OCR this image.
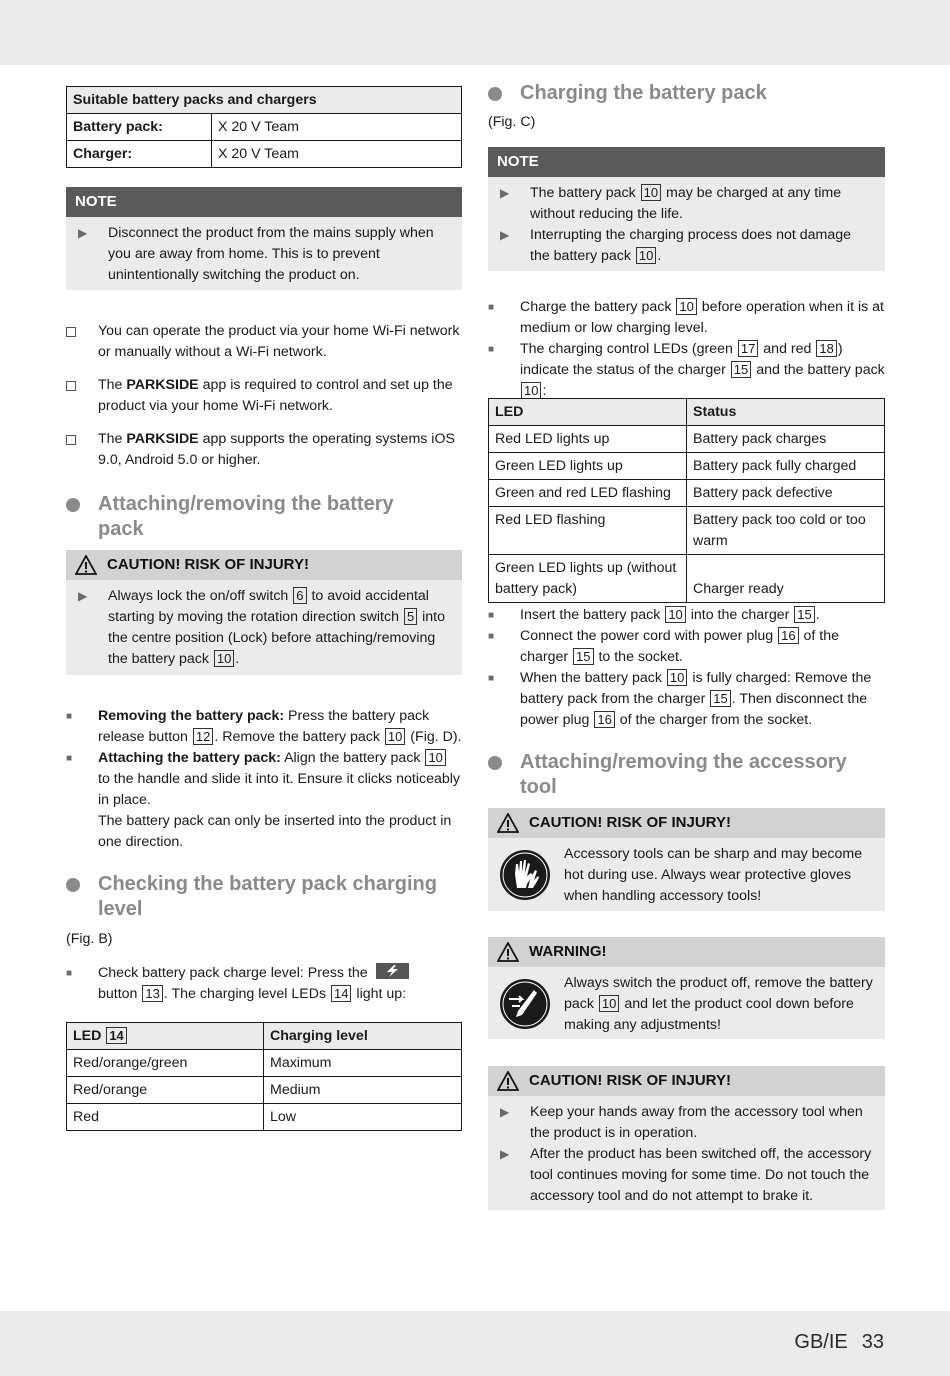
GB/IE 33
Suitable battery packs and chargers	
Battery pack:	X 20 V Team
Charger:	X 20 V Team
NOTE
▶	Disconnect the product from the mains supply when you are away from home. This is to prevent unintentionally switching the product on.
You can operate the product via your home Wi-Fi network or manually without a Wi-Fi network.
The PARKSIDE app is required to control and set up the product via your home Wi-Fi network.
The PARKSIDE app supports the operating systems iOS 9.0, Android 5.0 or higher.
Attaching/removing the battery pack
CAUTION! RISK OF INJURY!
▶	Always lock the on/off switch 6 to avoid accidental starting by moving the rotation direction switch 5 into the centre position (Lock) before attaching/removing the battery pack 10 .
■	Removing the battery pack: Press the battery pack release button 12 . Remove the battery pack 10 (Fig. D).
■	Attaching the battery pack: Align the battery pack 10 to the handle and slide it into it. Ensure it clicks noticeably in place.
The battery pack can only be inserted into the product in one direction.
Checking the battery pack charging level
(Fig. B)
■	Check battery pack charge level: Press the
button 13 . The charging level LEDs 14 light up:
LED 14	Charging level
Red/orange/green	Maximum
Red/orange	Medium
Red	Low
Charging the battery pack
(Fig. C)
NOTE
▶	The battery pack 10 may be charged at any time without reducing the life.
▶	Interrupting the charging process does not damage the battery pack 10 .
■	Charge the battery pack 10 before operation when it is at medium or low charging level.
■	The charging control LEDs (green 17 and red 18 ) indicate the status of the charger 15 and the battery pack 10 :
LED	Status
Red LED lights up	Battery pack charges
Green LED lights up	Battery pack fully charged
Green and red LED flashing	Battery pack defective
Red LED flashing	Battery pack too cold or too warm
Green LED lights up (without battery pack)	Charger ready
■	Insert the battery pack 10 into the charger 15 .
■	Connect the power cord with power plug 16 of the charger 15 to the socket.
■	When the battery pack 10 is fully charged: Remove the battery pack from the charger 15 . Then disconnect the power plug 16 of the charger from the socket.
Attaching/removing the accessory tool
CAUTION! RISK OF INJURY!
Accessory tools can be sharp and may become hot during use. Always wear protective gloves when handling accessory tools!
WARNING!
Always switch the product off, remove the battery pack 10 and let the product cool down before making any adjustments!
CAUTION! RISK OF INJURY!
▶	Keep your hands away from the accessory tool when the product is in operation.
▶	After the product has been switched off, the accessory tool continues moving for some time. Do not touch the accessory tool and do not attempt to brake it.
